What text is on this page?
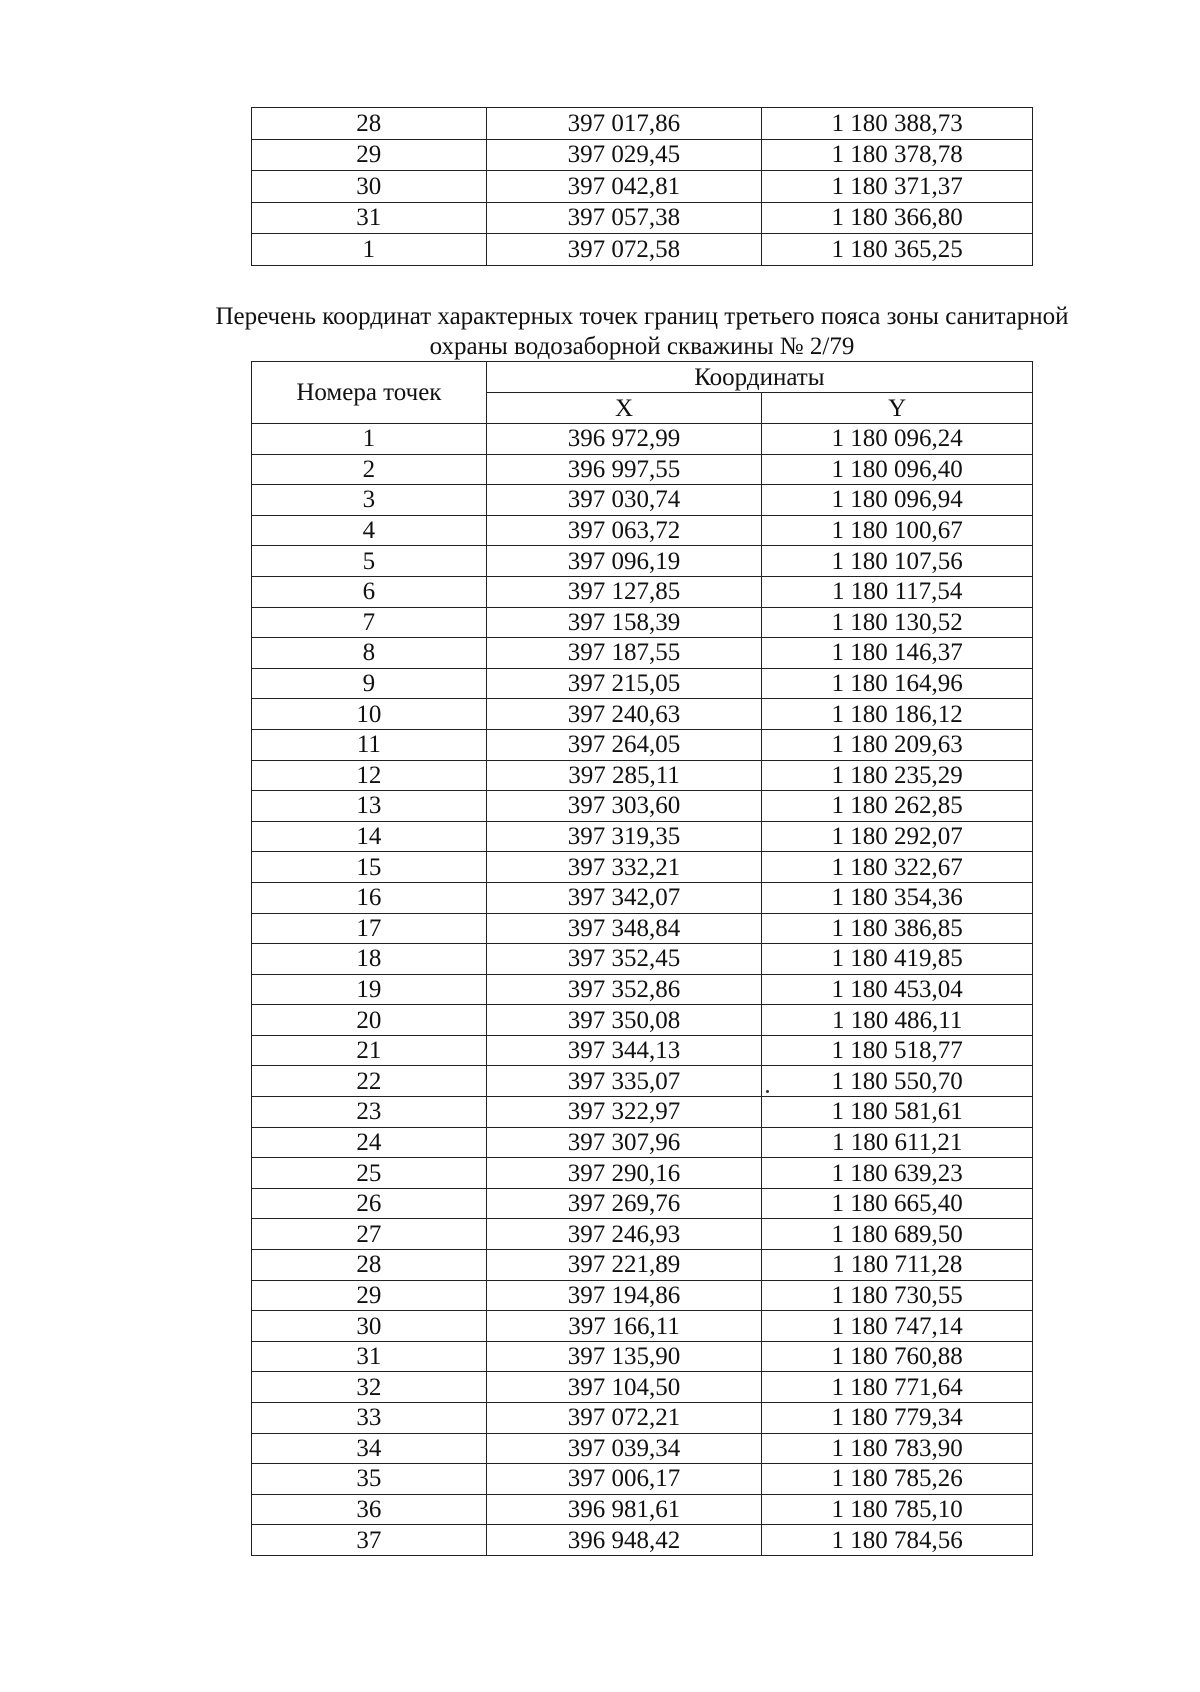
28	397 017,86	1 180 388,73
29	397 029,45	1 180 378,78
30	397 042,81	1 180 371,37
31	397 057,38	1 180 366,80
1	397 072,58	1 180 365,25
Перечень координат характерных точек границ третьего пояса зоны санитарной
охраны водозаборной скважины № 2/79
Номера точек	Координаты	
	X	Y
1	396 972,99	1 180 096,24
2	396 997,55	1 180 096,40
3	397 030,74	1 180 096,94
4	397 063,72	1 180 100,67
5	397 096,19	1 180 107,56
6	397 127,85	1 180 117,54
7	397 158,39	1 180 130,52
8	397 187,55	1 180 146,37
9	397 215,05	1 180 164,96
10	397 240,63	1 180 186,12
11	397 264,05	1 180 209,63
12	397 285,11	1 180 235,29
13	397 303,60	1 180 262,85
14	397 319,35	1 180 292,07
15	397 332,21	1 180 322,67
16	397 342,07	1 180 354,36
17	397 348,84	1 180 386,85
18	397 352,45	1 180 419,85
19	397 352,86	1 180 453,04
20	397 350,08	1 180 486,11
21	397 344,13	1 180 518,77
22	397 335,07	1 180 550,70
23	397 322,97	1 180 581,61
24	397 307,96	1 180 611,21
25	397 290,16	1 180 639,23
26	397 269,76	1 180 665,40
27	397 246,93	1 180 689,50
28	397 221,89	1 180 711,28
29	397 194,86	1 180 730,55
30	397 166,11	1 180 747,14
31	397 135,90	1 180 760,88
32	397 104,50	1 180 771,64
33	397 072,21	1 180 779,34
34	397 039,34	1 180 783,90
35	397 006,17	1 180 785,26
36	396 981,61	1 180 785,10
37	396 948,42	1 180 784,56
